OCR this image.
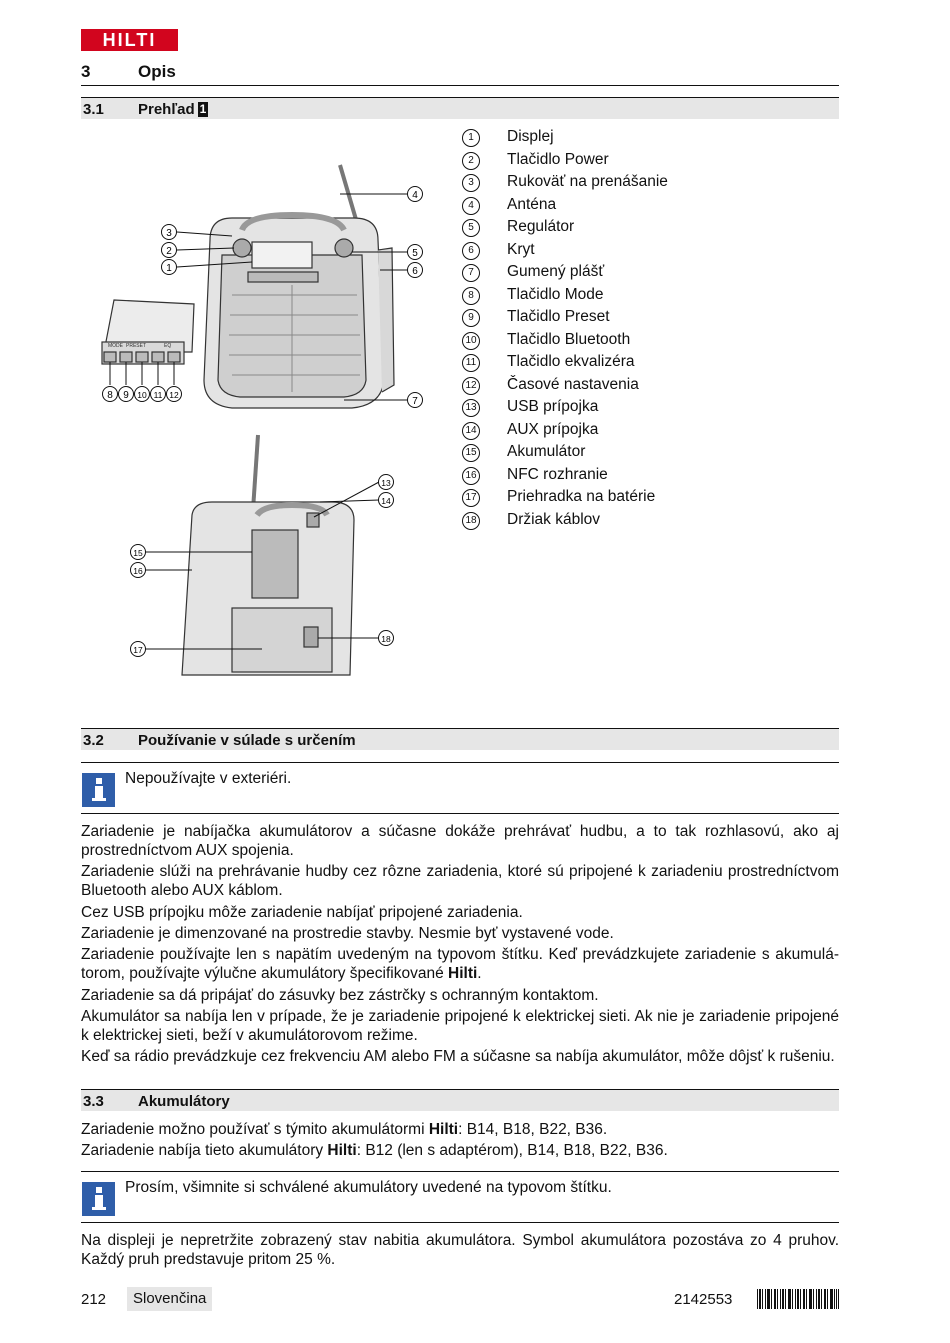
HILTI
3	Opis
3.1 Prehľad 1
1
2
3
4
5
6
7
8 9 10 11 12
13
14
15
16
17
18
MODE PRESET	EQ
1	Displej
2	Tlačidlo Power
3	Rukoväť na prenášanie
4	Anténa
5	Regulátor
6	Kryt
7	Gumený plášť
8	Tlačidlo Mode
9	Tlačidlo Preset
10 Tlačidlo Bluetooth
11 Tlačidlo ekvalizéra
12 Časové nastavenia
13 USB prípojka
14 AUX prípojka
15 Akumulátor
16 NFC rozhranie
17 Priehradka na batérie
18 Držiak káblov
3.2 Používanie v súlade s určením
Nepoužívajte v exteriéri.
Zariadenie je nabíjačka akumulátorov a súčasne dokáže prehrávať hudbu, a to tak rozhlasovú, ako aj prostredníctvom AUX spojenia.
Zariadenie slúži na prehrávanie hudby cez rôzne zariadenia, ktoré sú pripojené k zariadeniu prostredníctvom Bluetooth alebo AUX káblom.
Cez USB prípojku môže zariadenie nabíjať pripojené zariadenia.
Zariadenie je dimenzované na prostredie stavby. Nesmie byť vystavené vode.
Zariadenie používajte len s napätím uvedeným na typovom štítku. Keď prevádzkujete zariadenie s akumulá-torom, používajte výlučne akumulátory špecifikované Hilti.
Zariadenie sa dá pripájať do zásuvky bez zástrčky s ochranným kontaktom.
Akumulátor sa nabíja len v prípade, že je zariadenie pripojené k elektrickej sieti. Ak nie je zariadenie pripojené k elektrickej sieti, beží v akumulátorovom režime.
Keď sa rádio prevádzkuje cez frekvenciu AM alebo FM a súčasne sa nabíja akumulátor, môže dôjsť k rušeniu.
3.3 Akumulátory
Zariadenie možno používať s týmito akumulátormi Hilti: B14, B18, B22, B36.
Zariadenie nabíja tieto akumulátory Hilti: B12 (len s adaptérom), B14, B18, B22, B36.
Prosím, všimnite si schválené akumulátory uvedené na typovom štítku.
Na displeji je nepretržite zobrazený stav nabitia akumulátora. Symbol akumulátora pozostáva zo 4 pruhov. Každý pruh predstavuje pritom 25 %.
212	Slovenčina	2142553
